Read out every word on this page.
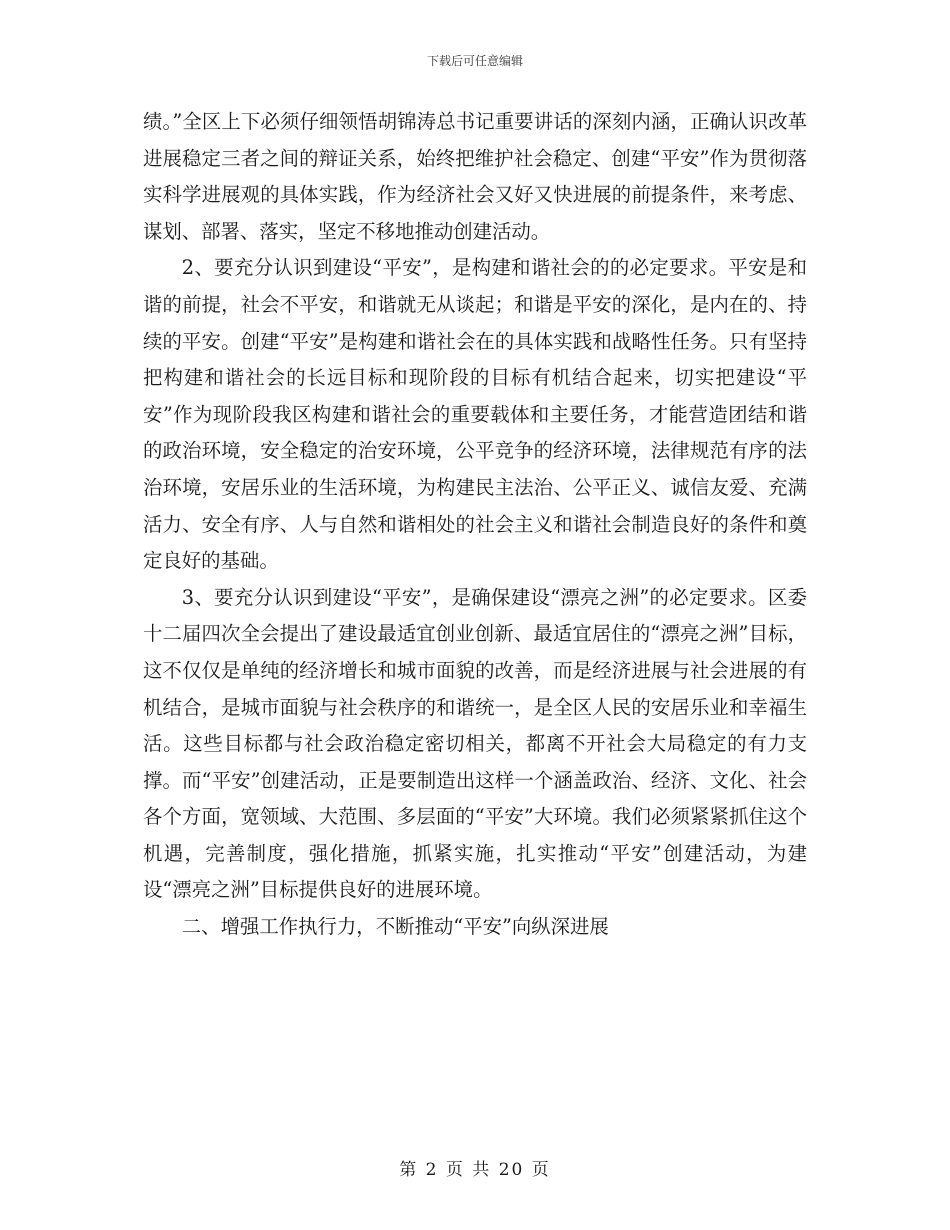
下载后可任意编辑

绩。”全区上下必须仔细领悟胡锦涛总书记重要讲话的深刻内涵，正确认识改革进展稳定三者之间的辩证关系，始终把维护社会稳定、创建“平安”作为贯彻落实科学进展观的具体实践，作为经济社会又好又快进展的前提条件，来考虑、谋划、部署、落实，坚定不移地推动创建活动。

2、要充分认识到建设“平安”，是构建和谐社会的的必定要求。平安是和谐的前提，社会不平安，和谐就无从谈起；和谐是平安的深化，是内在的、持续的平安。创建“平安”是构建和谐社会在的具体实践和战略性任务。只有坚持把构建和谐社会的长远目标和现阶段的目标有机结合起来，切实把建设“平安”作为现阶段我区构建和谐社会的重要载体和主要任务，才能营造团结和谐的政治环境，安全稳定的治安环境，公平竞争的经济环境，法律规范有序的法治环境，安居乐业的生活环境，为构建民主法治、公平正义、诚信友爱、充满活力、安全有序、人与自然和谐相处的社会主义和谐社会制造良好的条件和奠定良好的基础。

3、要充分认识到建设“平安”，是确保建设“漂亮之洲”的必定要求。区委十二届四次全会提出了建设最适宜创业创新、最适宜居住的“漂亮之洲”目标，这不仅仅是单纯的经济增长和城市面貌的改善，而是经济进展与社会进展的有机结合，是城市面貌与社会秩序的和谐统一，是全区人民的安居乐业和幸福生活。这些目标都与社会政治稳定密切相关，都离不开社会大局稳定的有力支撑。而“平安”创建活动，正是要制造出这样一个涵盖政治、经济、文化、社会各个方面，宽领域、大范围、多层面的“平安”大环境。我们必须紧紧抓住这个机遇，完善制度，强化措施，抓紧实施，扎实推动“平安”创建活动，为建设“漂亮之洲”目标提供良好的进展环境。

二、增强工作执行力，不断推动“平安”向纵深进展

第 2 页 共 20 页
